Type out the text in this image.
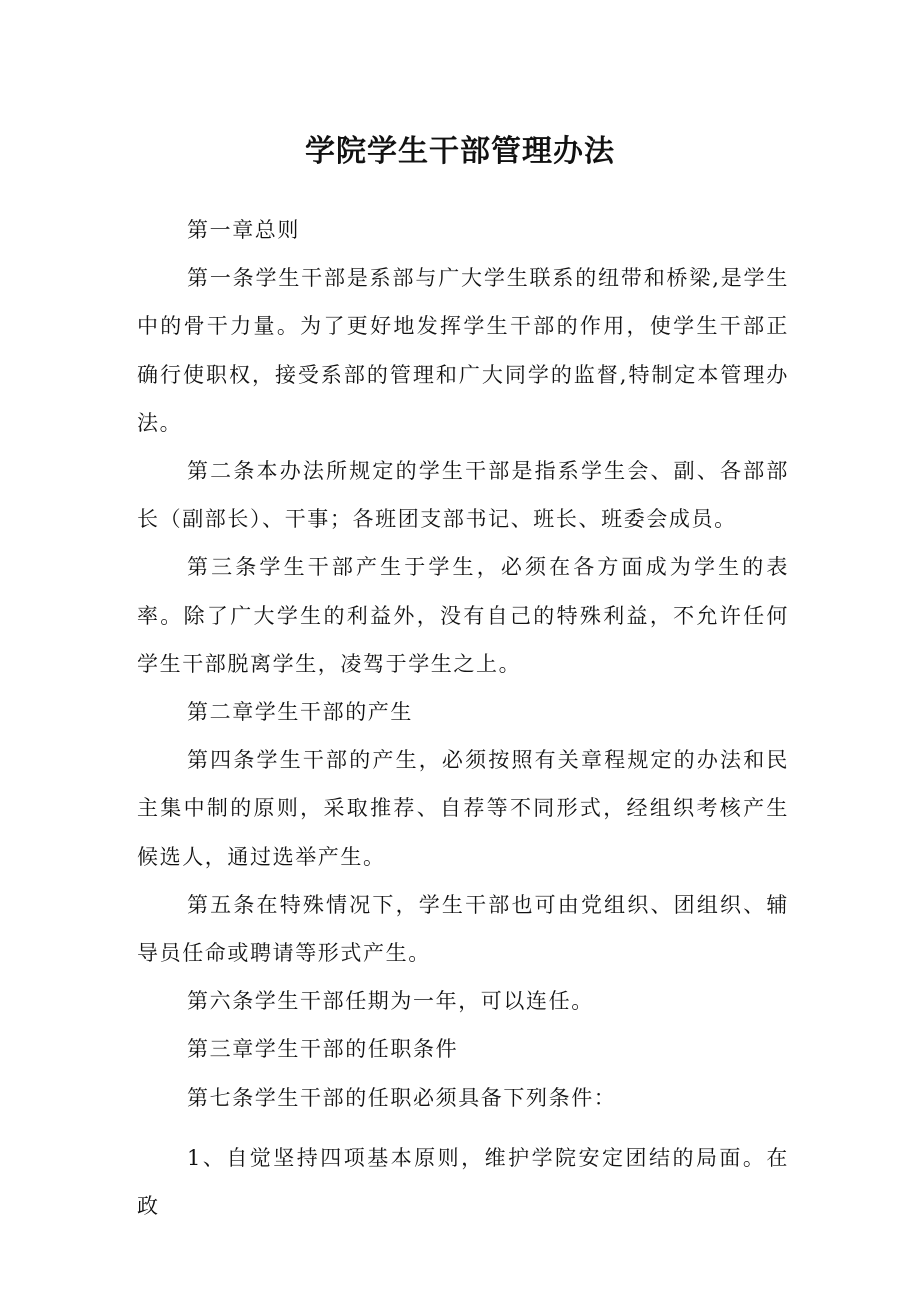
学院学生干部管理办法

第一章总则

第一条学生干部是系部与广大学生联系的纽带和桥梁,是学生中的骨干力量。为了更好地发挥学生干部的作用，使学生干部正确行使职权，接受系部的管理和广大同学的监督,特制定本管理办法。

第二条本办法所规定的学生干部是指系学生会、副、各部部长（副部长）、干事；各班团支部书记、班长、班委会成员。

第三条学生干部产生于学生，必须在各方面成为学生的表率。除了广大学生的利益外，没有自己的特殊利益，不允许任何学生干部脱离学生，凌驾于学生之上。

第二章学生干部的产生

第四条学生干部的产生，必须按照有关章程规定的办法和民主集中制的原则，采取推荐、自荐等不同形式，经组织考核产生候选人，通过选举产生。

第五条在特殊情况下，学生干部也可由党组织、团组织、辅导员任命或聘请等形式产生。

第六条学生干部任期为一年，可以连任。

第三章学生干部的任职条件

第七条学生干部的任职必须具备下列条件：

1、自觉坚持四项基本原则，维护学院安定团结的局面。在政
